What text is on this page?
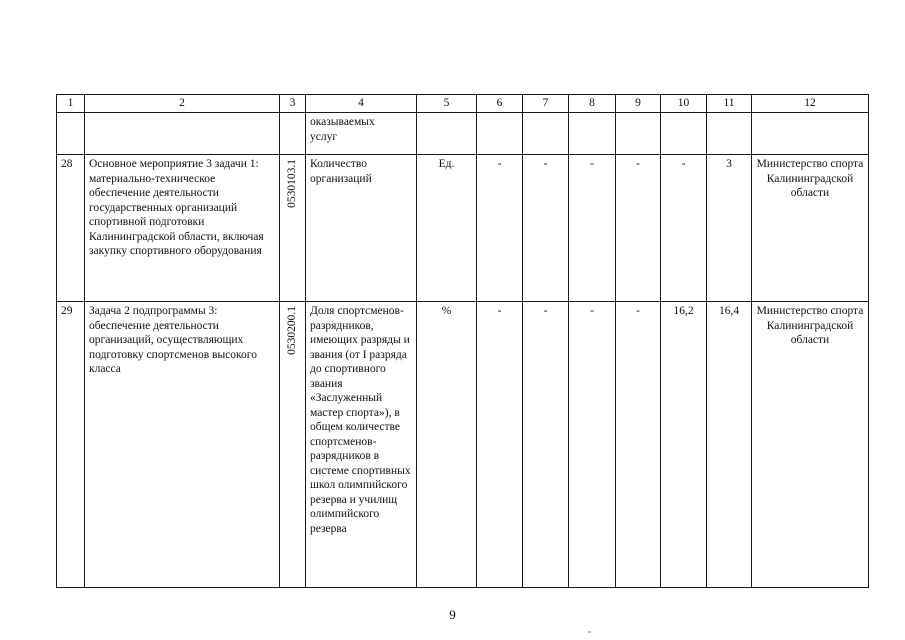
1	2	3	4	5	6	7	8	9	10	11	12
			оказываемых
услуг								
28	Основное мероприятие 3 задачи 1: материально-техническое обеспечение деятельности государственных организаций спортивной подготовки Калининградской области, включая закупку спортивного оборудования	0530103.1	Количество организаций	Ед.	-	-	-	-	-	3	Министерство спорта Калининградской области
29	Задача 2 подпрограммы 3: обеспечение деятельности организаций, осуществляющих подготовку спортсменов высокого класса	0530200.1	Доля спортсменов-разрядников, имеющих разряды и звания (от I разряда до спортивного звания «Заслуженный мастер спорта»), в общем количестве спортсменов-разрядников в системе спортивных школ олимпийского резерва и училищ олимпийского резерва	%	-	-	-	-	16,2	16,4	Министерство спорта Калининградской области
9
